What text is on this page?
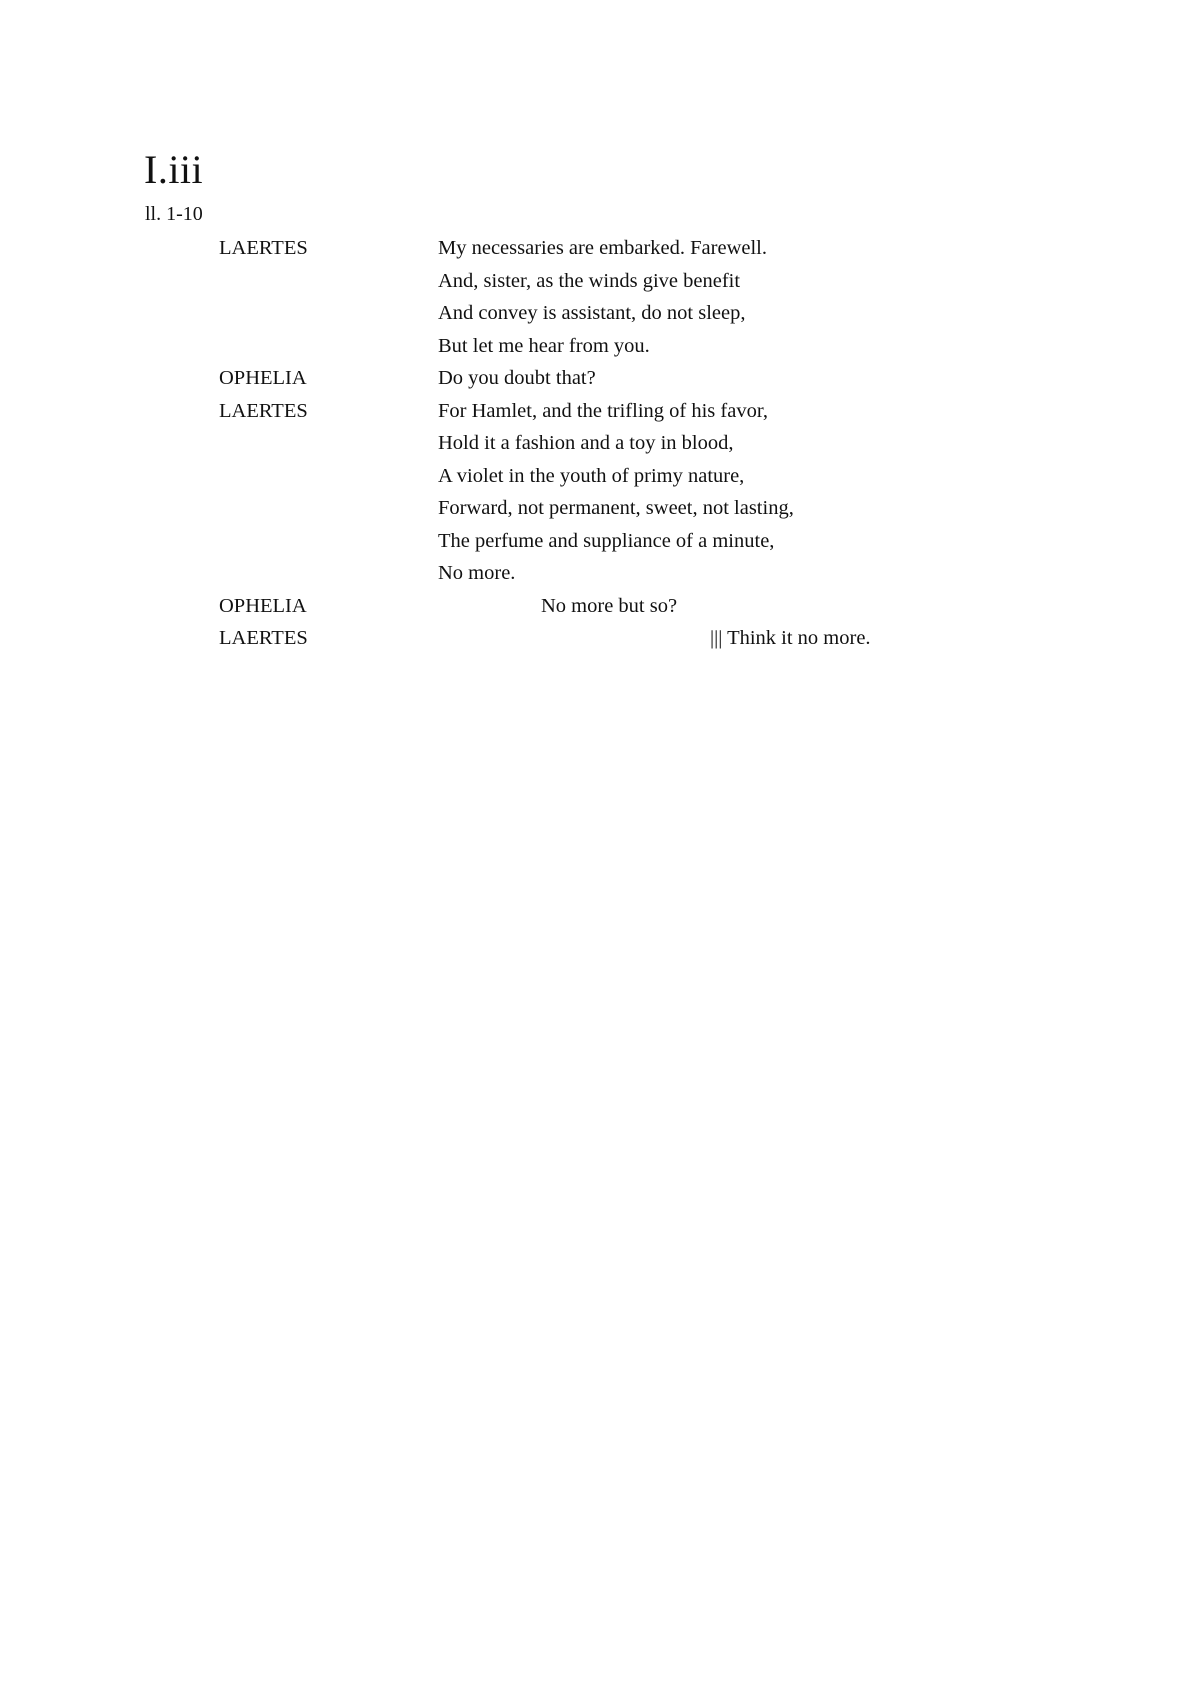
I.iii

ll. 1-10

LAERTES	My necessaries are embarked. Farewell.
And, sister, as the winds give benefit
And convey is assistant, do not sleep,
But let me hear from you.
OPHELIA	Do you doubt that?
LAERTES	For Hamlet, and the trifling of his favor,
Hold it a fashion and a toy in blood,
A violet in the youth of primy nature,
Forward, not permanent, sweet, not lasting,
The perfume and suppliance of a minute,
No more.
OPHELIA	No more but so?
LAERTES	||| Think it no more.
